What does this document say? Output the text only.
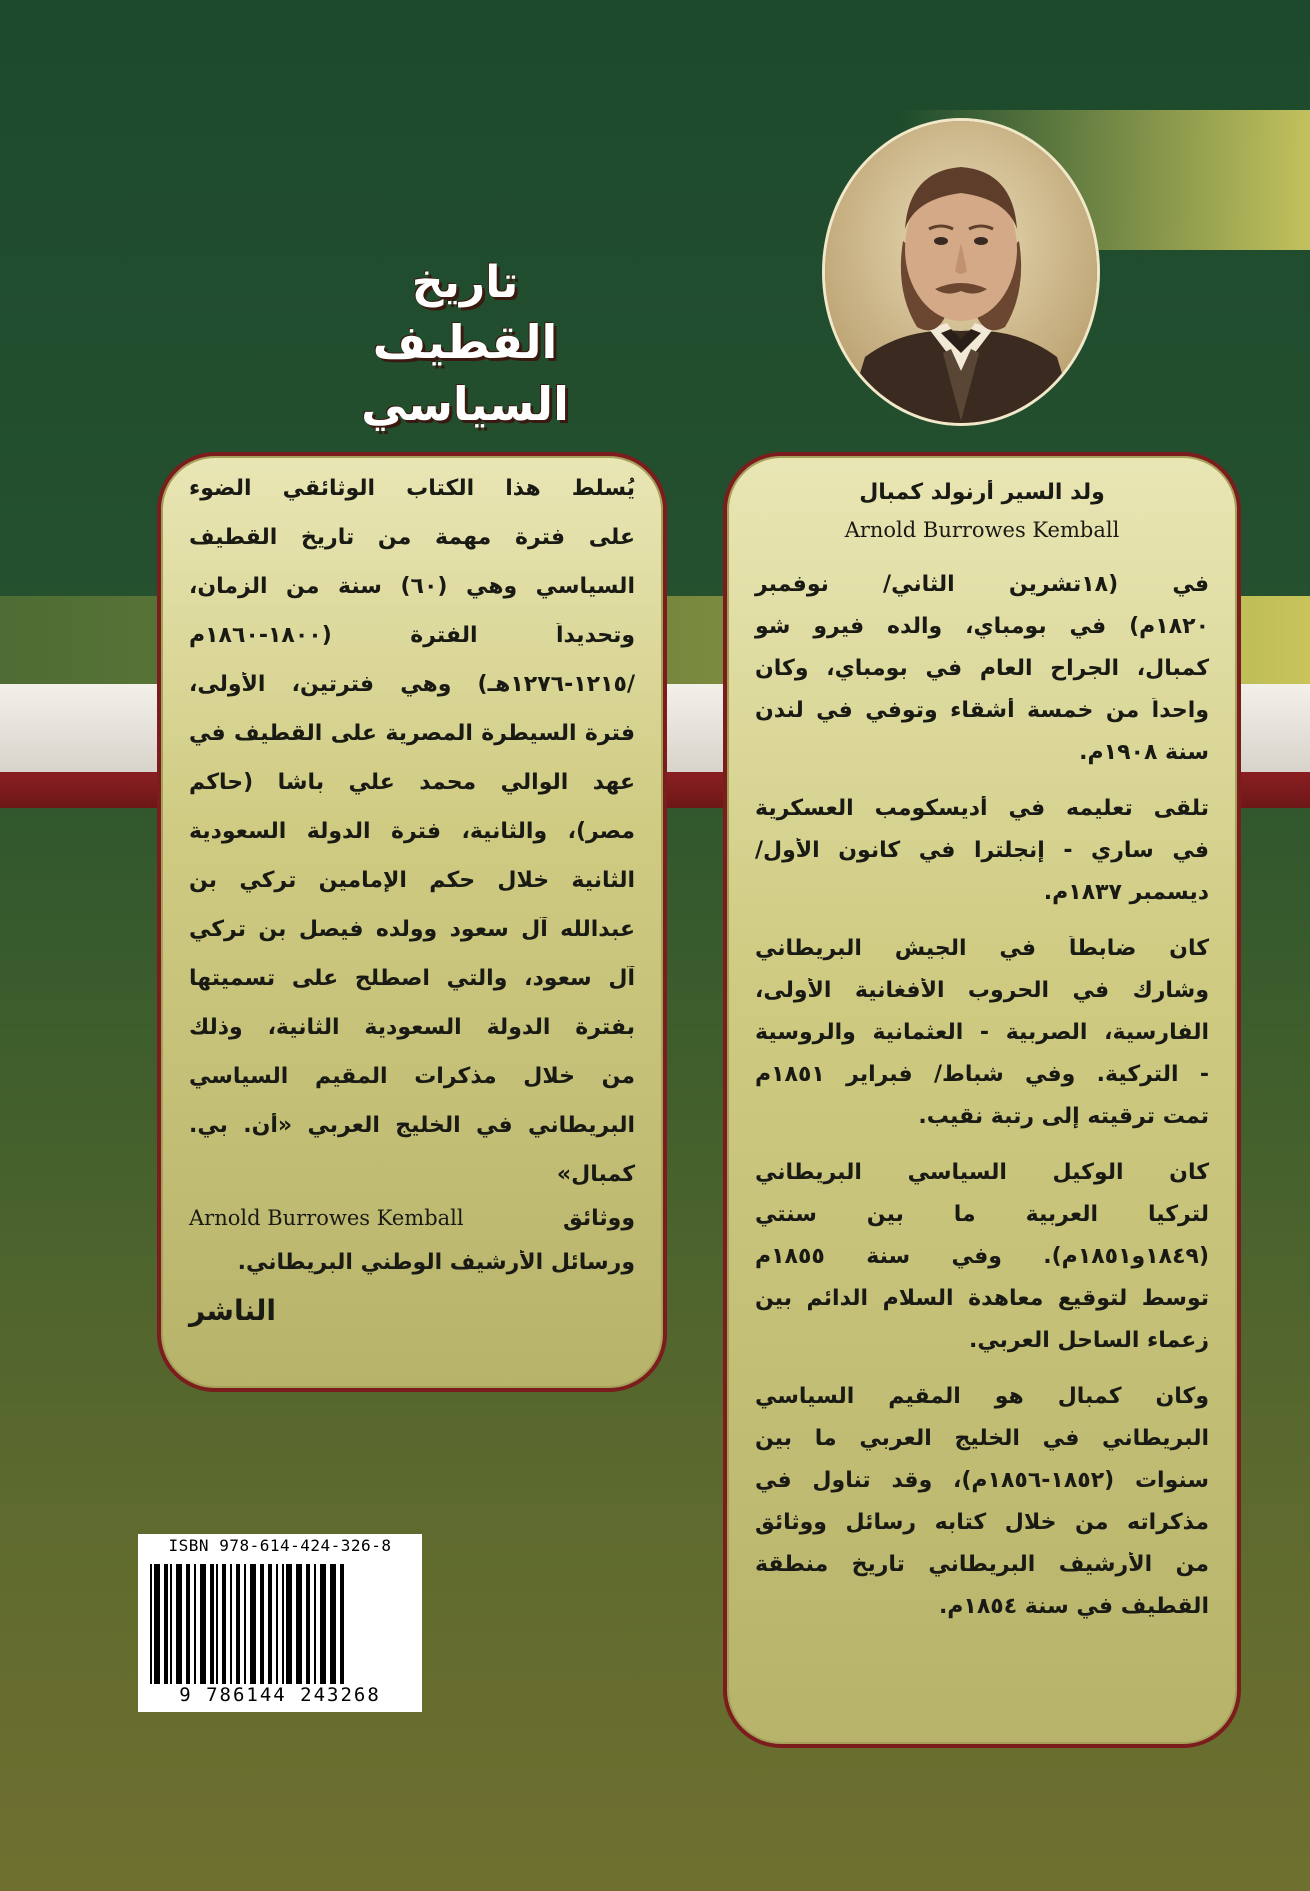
تاريخ
القطيف السياسي
يُسلط هذا الكتاب الوثائقي الضوء
على فترة مهمة من تاريخ القطيف
السياسي وهي (٦٠) سنة من الزمان،
وتحديداً الفترة (١٨٠٠-١٨٦٠م
/١٢١٥-١٢٧٦هـ) وهي فترتين، الأولى،
فترة السيطرة المصرية على القطيف في
عهد الوالي محمد علي باشا (حاكم
مصر)، والثانية، فترة الدولة السعودية
الثانية خلال حكم الإمامين تركي بن
عبدالله آل سعود وولده فيصل بن تركي
آل سعود، والتي اصطلح على تسميتها
بفترة الدولة السعودية الثانية، وذلك
من خلال مذكرات المقيم السياسي
البريطاني في الخليج العربي «أن. بي.
كمبال»
ووثائق
Arnold Burrowes Kemball
ورسائل الأرشيف الوطني البريطاني.
الناشر
ولد السير أرنولد كمبال
Arnold Burrowes Kemball
في (١٨تشرين الثاني/ نوفمبر
١٨٢٠م) في بومباي، والده فيرو شو
كمبال، الجراح العام في بومباي، وكان
واحداً من خمسة أشقاء وتوفي في لندن
سنة ١٩٠٨م.
تلقى تعليمه في أديسكومب العسكرية
في ساري - إنجلترا في كانون الأول/
ديسمبر ١٨٣٧م.
كان ضابطاً في الجيش البريطاني
وشارك في الحروب الأفغانية الأولى،
الفارسية، الصربية - العثمانية والروسية
- التركية. وفي شباط/ فبراير ١٨٥١م
تمت ترقيته إلى رتبة نقيب.
كان الوكيل السياسي البريطاني
لتركيا العربية ما بين سنتي
(١٨٤٩و١٨٥١م). وفي سنة ١٨٥٥م
توسط لتوقيع معاهدة السلام الدائم بين
زعماء الساحل العربي.
وكان كمبال هو المقيم السياسي
البريطاني في الخليج العربي ما بين
سنوات (١٨٥٢-١٨٥٦م)، وقد تناول في
مذكراته من خلال كتابه رسائل ووثائق
من الأرشيف البريطاني تاريخ منطقة
القطيف في سنة ١٨٥٤م.
ISBN 978-614-424-326-8
9 786144 243268
